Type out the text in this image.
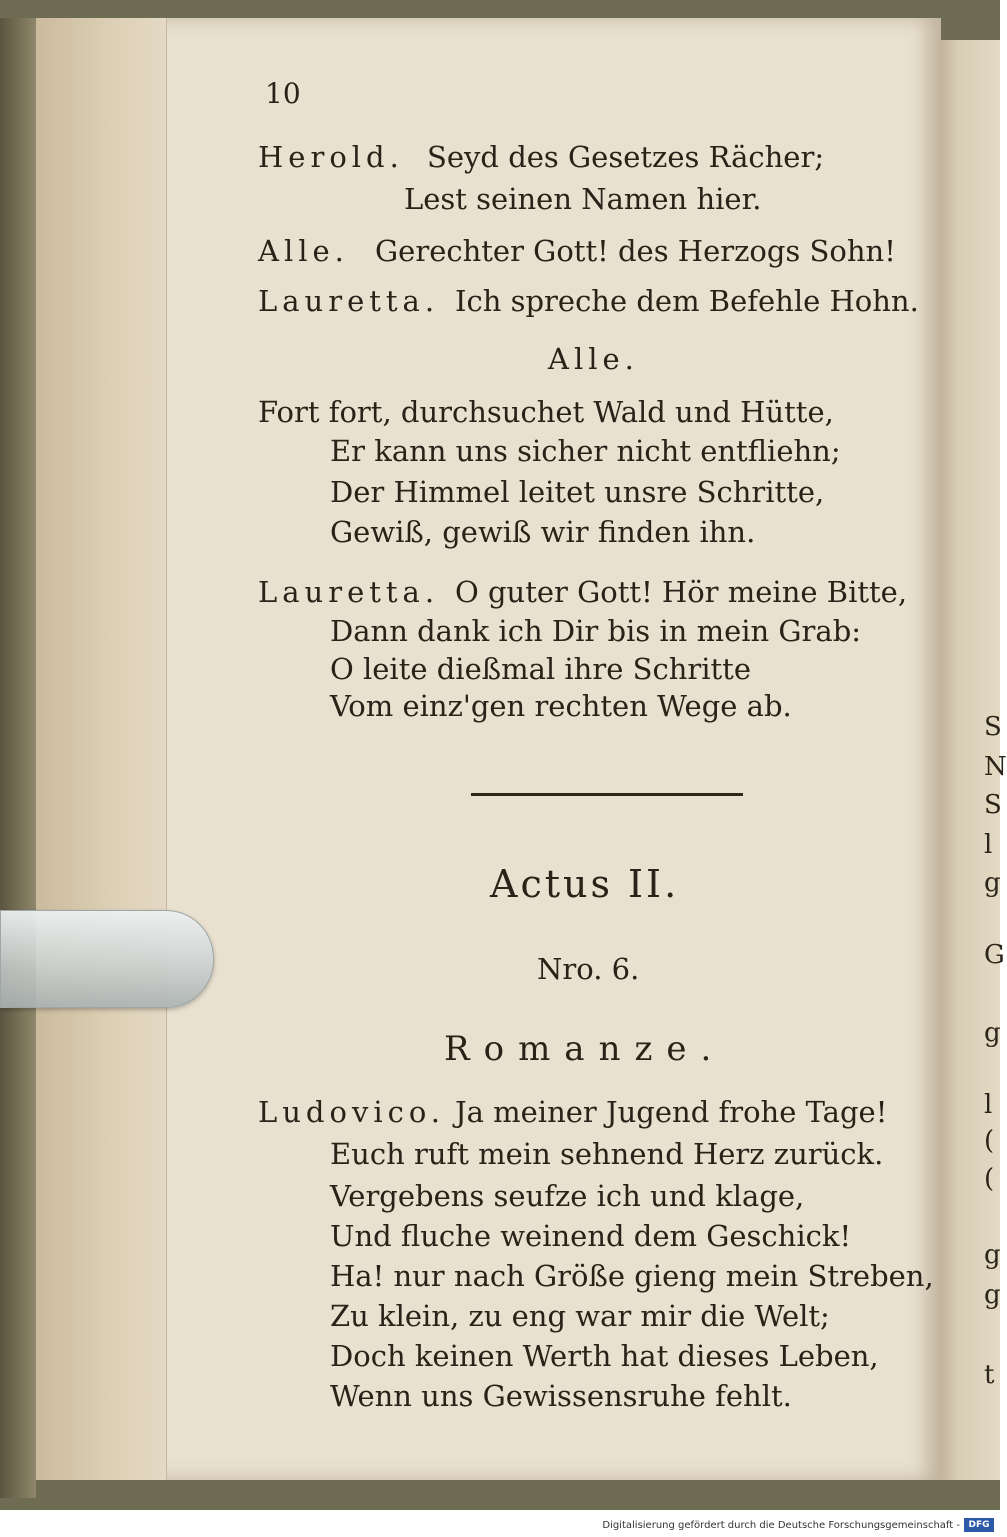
S
N
S
l
g
G
g
l
(
(
g
g
t
10
Herold. Seyd des Gesetzes Rächer;
Lest seinen Namen hier.
Alle. Gerechter Gott! des Herzogs Sohn!
Lauretta. Ich spreche dem Befehle Hohn.
Alle.
Fort fort, durchsuchet Wald und Hütte,
Er kann uns sicher nicht entfliehn;
Der Himmel leitet unsre Schritte,
Gewiß, gewiß wir finden ihn.
Lauretta. O guter Gott! Hör meine Bitte,
Dann dank ich Dir bis in mein Grab:
O leite dießmal ihre Schritte
Vom einz'gen rechten Wege ab.
Actus II.
Nro. 6.
Romanze.
Ludovico. Ja meiner Jugend frohe Tage!
Euch ruft mein sehnend Herz zurück.
Vergebens seufze ich und klage,
Und fluche weinend dem Geschick!
Ha! nur nach Größe gieng mein Streben,
Zu klein, zu eng war mir die Welt;
Doch keinen Werth hat dieses Leben,
Wenn uns Gewissensruhe fehlt.
Digitalisierung gefördert durch die Deutsche Forschungsgemeinschaft - DFG
